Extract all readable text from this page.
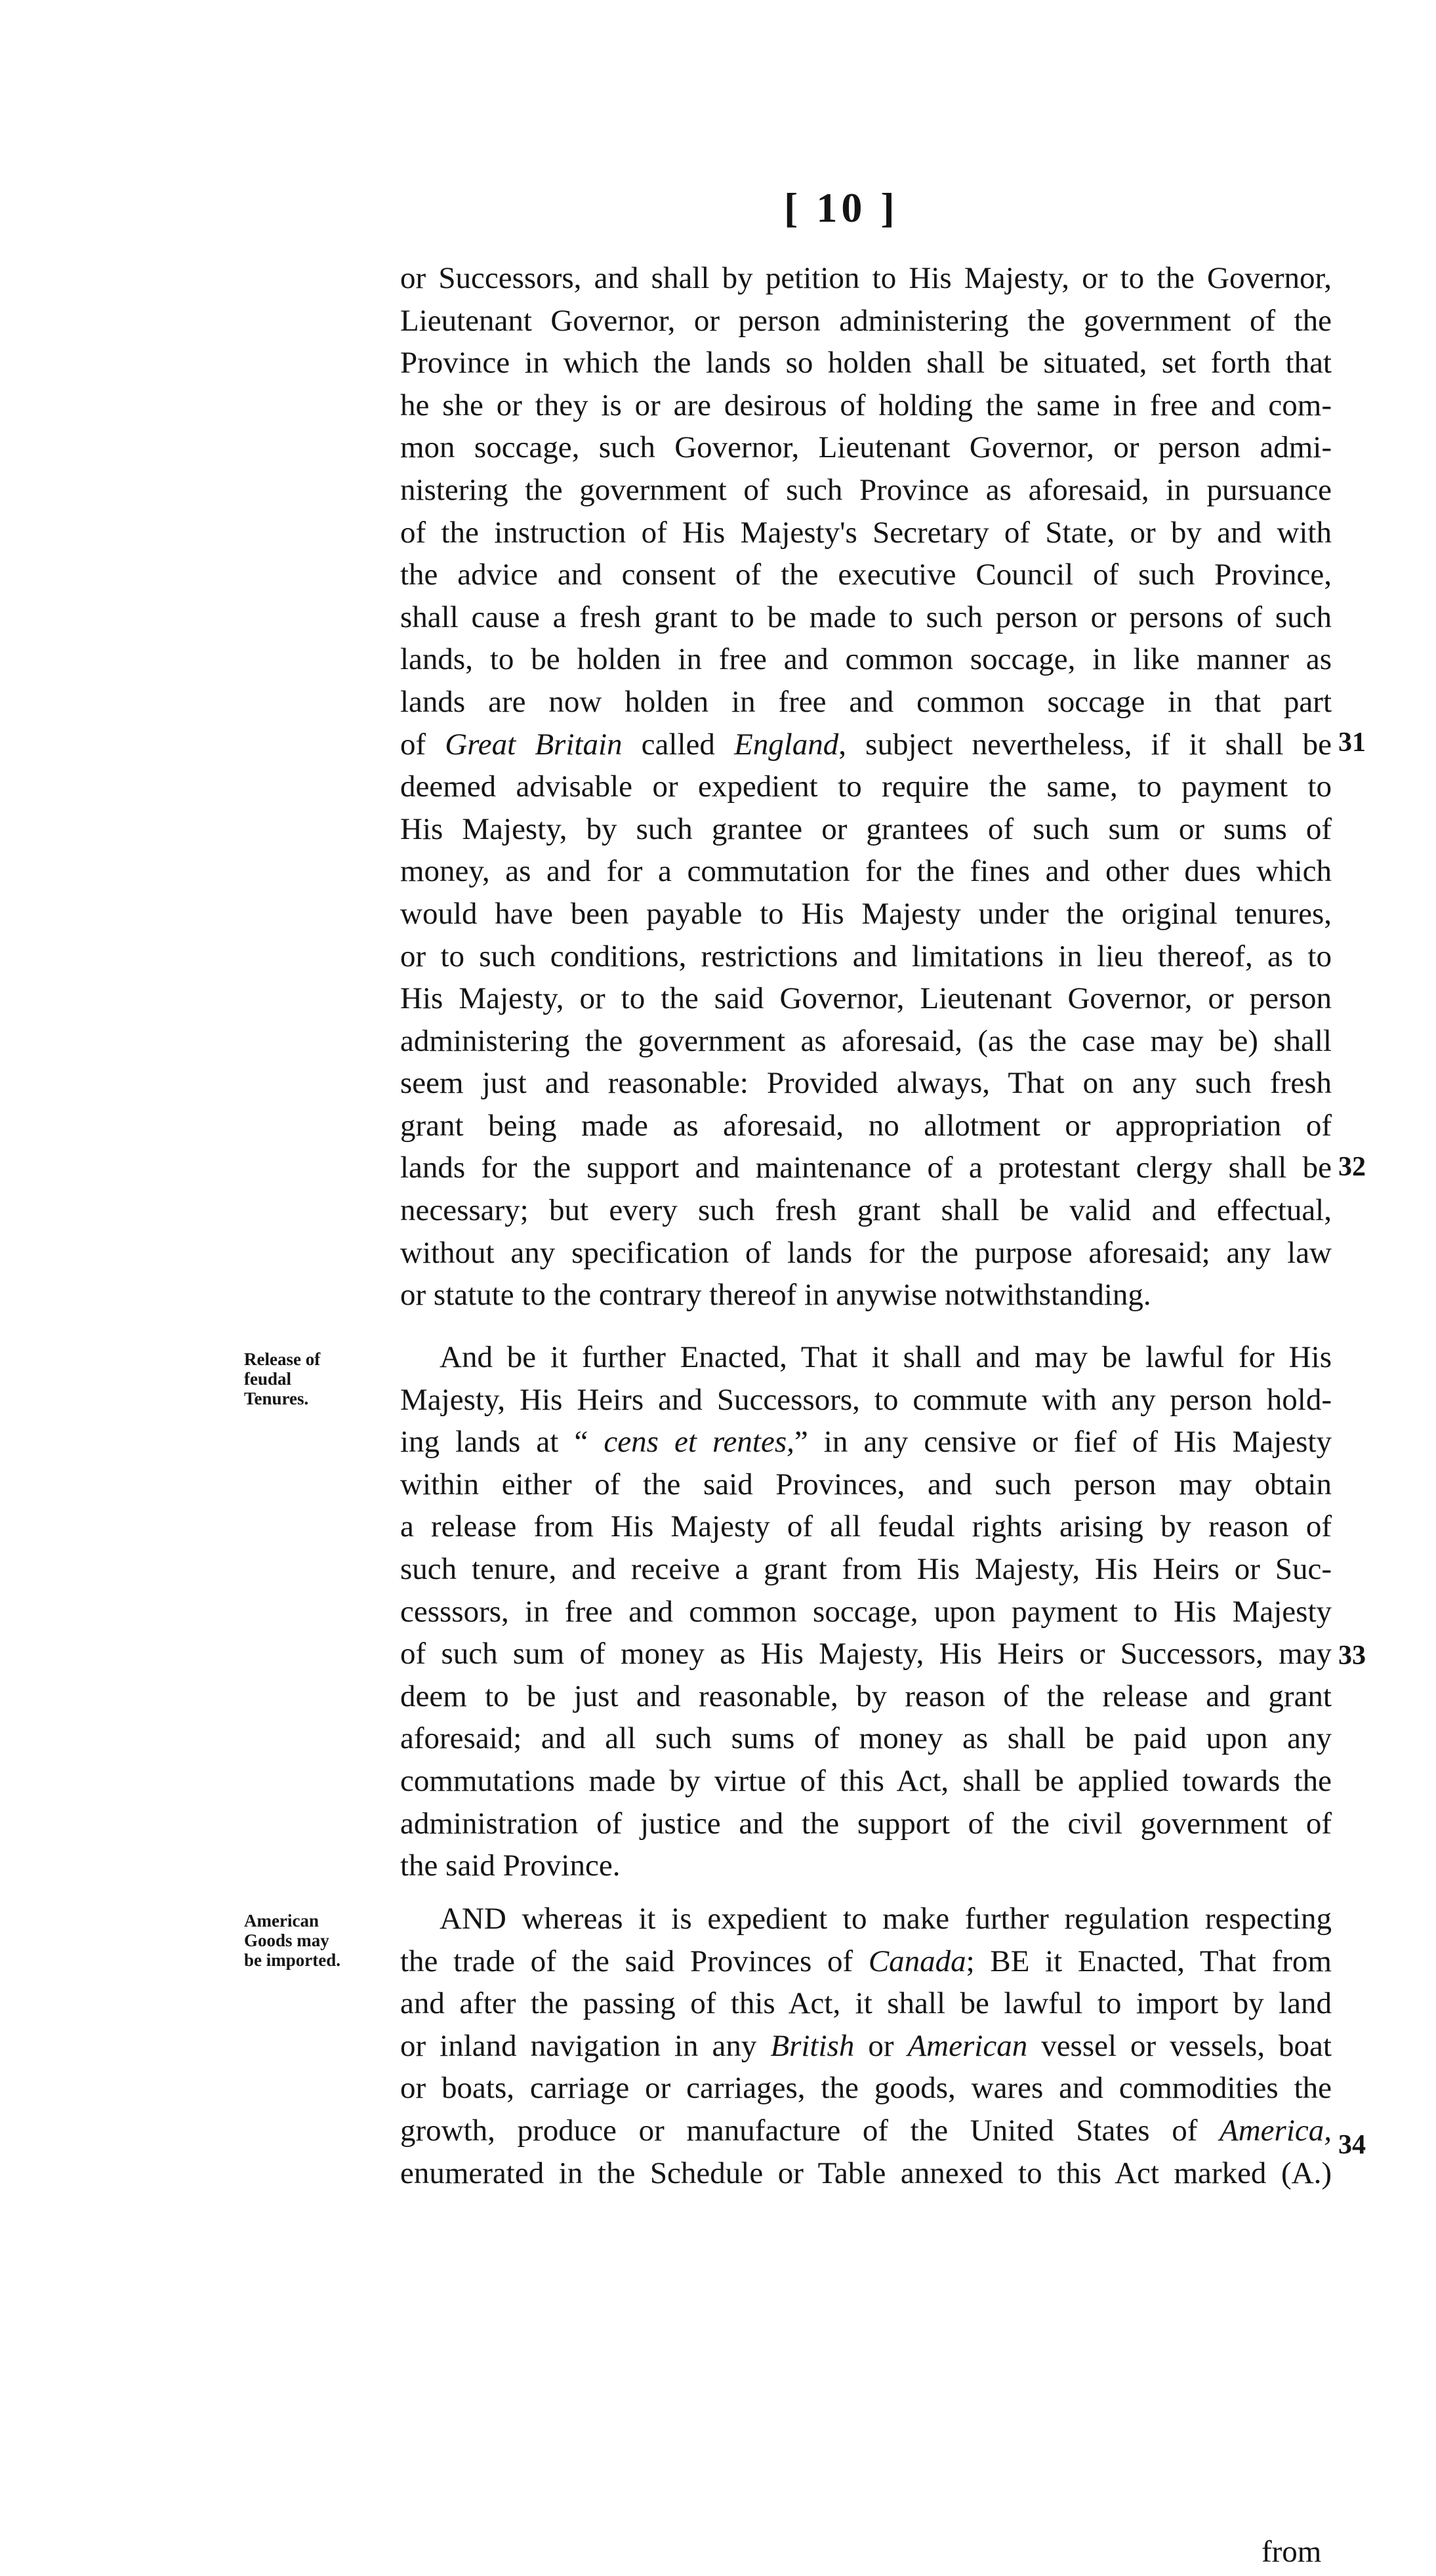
[ 10 ]
or Successors, and shall by petition to His Majesty, or to the Governor,
Lieutenant Governor, or person administering the government of the
Province in which the lands so holden shall be situated, set forth that
he she or they is or are desirous of holding the same in free and com-
mon soccage, such Governor, Lieutenant Governor, or person admi-
nistering the government of such Province as aforesaid, in pursuance
of the instruction of His Majesty's Secretary of State, or by and with
the advice and consent of the executive Council of such Province,
shall cause a fresh grant to be made to such person or persons of such
lands, to be holden in free and common soccage, in like manner as
lands are now holden in free and common soccage in that part
of Great Britain called England, subject nevertheless, if it shall be
deemed advisable or expedient to require the same, to payment to
His Majesty, by such grantee or grantees of such sum or sums of
money, as and for a commutation for the fines and other dues which
would have been payable to His Majesty under the original tenures,
or to such conditions, restrictions and limitations in lieu thereof, as to
His Majesty, or to the said Governor, Lieutenant Governor, or person
administering the government as aforesaid, (as the case may be) shall
seem just and reasonable: Provided always, That on any such fresh
grant being made as aforesaid, no allotment or appropriation of
lands for the support and maintenance of a protestant clergy shall be
necessary; but every such fresh grant shall be valid and effectual,
without any specification of lands for the purpose aforesaid; any law
or statute to the contrary thereof in anywise notwithstanding.
Release of
feudal
Tenures.
And be it further Enacted, That it shall and may be lawful for His
Majesty, His Heirs and Successors, to commute with any person hold-
ing lands at “ cens et rentes,” in any censive or fief of His Majesty
within either of the said Provinces, and such person may obtain
a release from His Majesty of all feudal rights arising by reason of
such tenure, and receive a grant from His Majesty, His Heirs or Suc-
cesssors, in free and common soccage, upon payment to His Majesty
of such sum of money as His Majesty, His Heirs or Successors, may
deem to be just and reasonable, by reason of the release and grant
aforesaid; and all such sums of money as shall be paid upon any
commutations made by virtue of this Act, shall be applied towards the
administration of justice and the support of the civil government of
the said Province.
American
Goods may
be imported.
AND whereas it is expedient to make further regulation respecting
the trade of the said Provinces of Canada; BE it Enacted, That from
and after the passing of this Act, it shall be lawful to import by land
or inland navigation in any British or American vessel or vessels, boat
or boats, carriage or carriages, the goods, wares and commodities the
growth, produce or manufacture of the United States of America,
enumerated in the Schedule or Table annexed to this Act marked (A.)
31
32
33
34
from
